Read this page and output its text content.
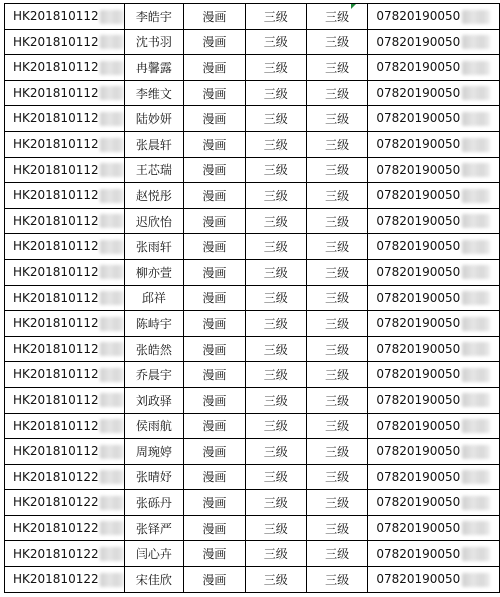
HK201810112	李皓宇	漫画	三级	三级	07820190050
HK201810112	沈书羽	漫画	三级	三级	07820190050
HK201810112	冉馨露	漫画	三级	三级	07820190050
HK201810112	李维文	漫画	三级	三级	07820190050
HK201810112	陆妙妍	漫画	三级	三级	07820190050
HK201810112	张晨轩	漫画	三级	三级	07820190050
HK201810112	王芯瑞	漫画	三级	三级	07820190050
HK201810112	赵悦彤	漫画	三级	三级	07820190050
HK201810112	迟欣怡	漫画	三级	三级	07820190050
HK201810112	张雨轩	漫画	三级	三级	07820190050
HK201810112	柳亦萱	漫画	三级	三级	07820190050
HK201810112	邱祥	漫画	三级	三级	07820190050
HK201810112	陈峙宇	漫画	三级	三级	07820190050
HK201810112	张皓然	漫画	三级	三级	07820190050
HK201810112	乔晨宇	漫画	三级	三级	07820190050
HK201810112	刘政驿	漫画	三级	三级	07820190050
HK201810112	侯雨航	漫画	三级	三级	07820190050
HK201810112	周琬婷	漫画	三级	三级	07820190050
HK201810122	张晴妤	漫画	三级	三级	07820190050
HK201810122	张砾丹	漫画	三级	三级	07820190050
HK201810122	张铎严	漫画	三级	三级	07820190050
HK201810122	闫心卉	漫画	三级	三级	07820190050
HK201810122	宋佳欣	漫画	三级	三级	07820190050
